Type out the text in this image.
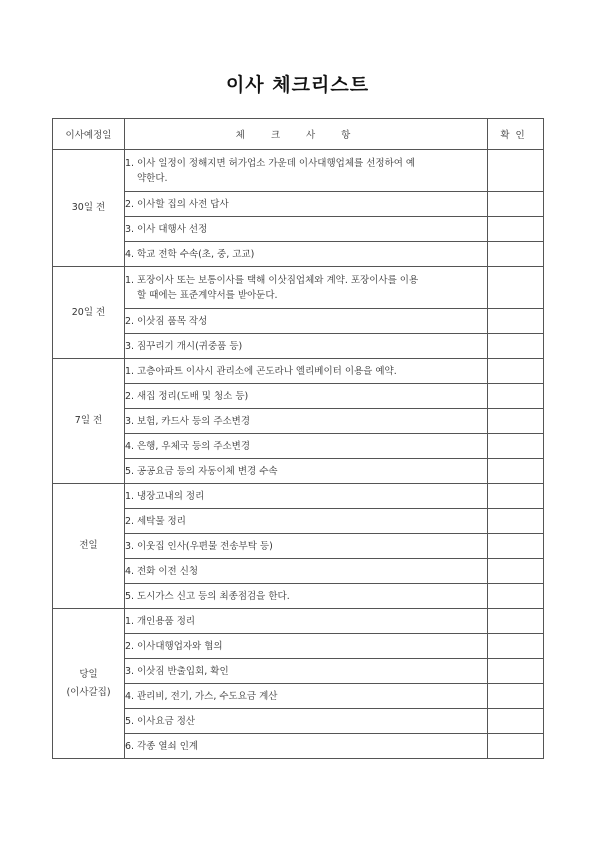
이사 체크리스트
이사예정일	체크사항	확인
30일 전	1. 이사 일정이 정해지면 허가업소 가운데 이사대행업체를 선정하여 예
약한다.	

	2. 이사할 집의 사전 답사	
	3. 이사 대행사 선정	
	4. 학교 전학 수속(초, 중, 고교)	
20일 전	1. 포장이사 또는 보통이사를 택해 이삿짐업체와 계약. 포장이사를 이용
할 때에는 표준계약서를 받아둔다.	

	2. 이삿짐 품목 작성	
	3. 짐꾸리기 개시(귀중품 등)	
7일 전	1. 고층아파트 이사시 관리소에 곤도라나 엘리베이터 이용을 예약.	
	2. 새집 정리(도배 및 청소 등)	
	3. 보험, 카드사 등의 주소변경	
	4. 은행, 우체국 등의 주소변경	
	5. 공공요금 등의 자동이체 변경 수속	
전일	1. 냉장고내의 정리	
	2. 세탁물 정리	
	3. 이웃집 인사(우편물 전송부탁 등)	
	4. 전화 이전 신청	
	5. 도시가스 신고 등의 최종점검을 한다.	
당일
(이사갈집)	1. 개인용품 정리	
	2. 이사대행업자와 협의	
	3. 이삿짐 반출입회, 확인	
	4. 관리비, 전기, 가스, 수도요금 계산	
	5. 이사요금 정산	
	6. 각종 열쇠 인계	
